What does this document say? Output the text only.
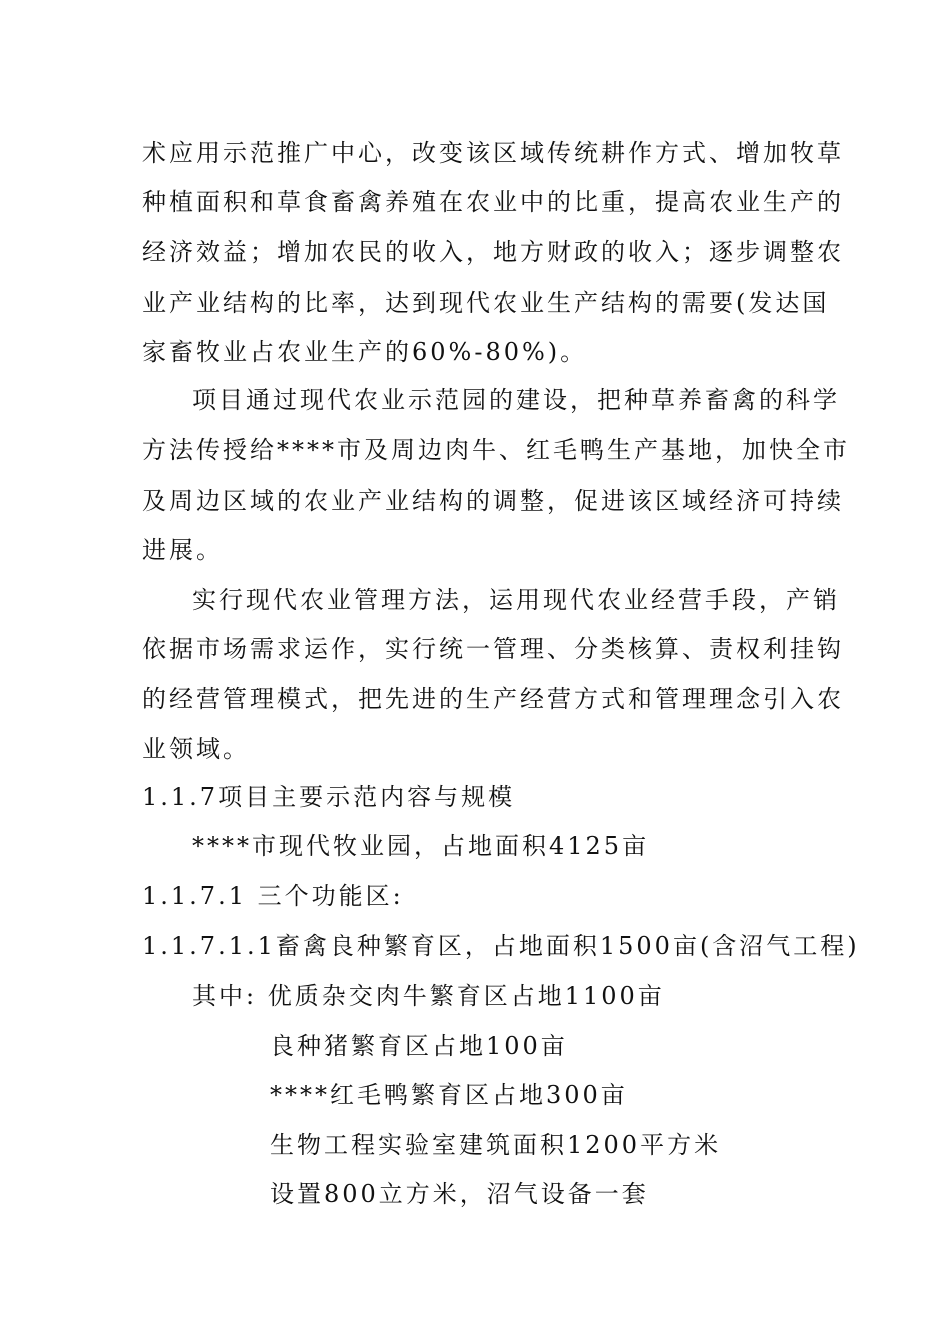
术应用示范推广中心，改变该区域传统耕作方式、增加牧草
种植面积和草食畜禽养殖在农业中的比重，提高农业生产的
经济效益；增加农民的收入，地方财政的收入；逐步调整农
业产业结构的比率，达到现代农业生产结构的需要(发达国
家畜牧业占农业生产的60%-80%)。
项目通过现代农业示范园的建设，把种草养畜禽的科学
方法传授给****市及周边肉牛、红毛鸭生产基地，加快全市
及周边区域的农业产业结构的调整，促进该区域经济可持续
进展。
实行现代农业管理方法，运用现代农业经营手段，产销
依据市场需求运作，实行统一管理、分类核算、责权利挂钩
的经营管理模式，把先进的生产经营方式和管理理念引入农
业领域。
1.1.7项目主要示范内容与规模
****市现代牧业园，占地面积4125亩
1.1.7.1 三个功能区:
1.1.7.1.1畜禽良种繁育区，占地面积1500亩(含沼气工程)
其中: 优质杂交肉牛繁育区占地1100亩
良种猪繁育区占地100亩
****红毛鸭繁育区占地300亩
生物工程实验室建筑面积1200平方米
设置800立方米，沼气设备一套
